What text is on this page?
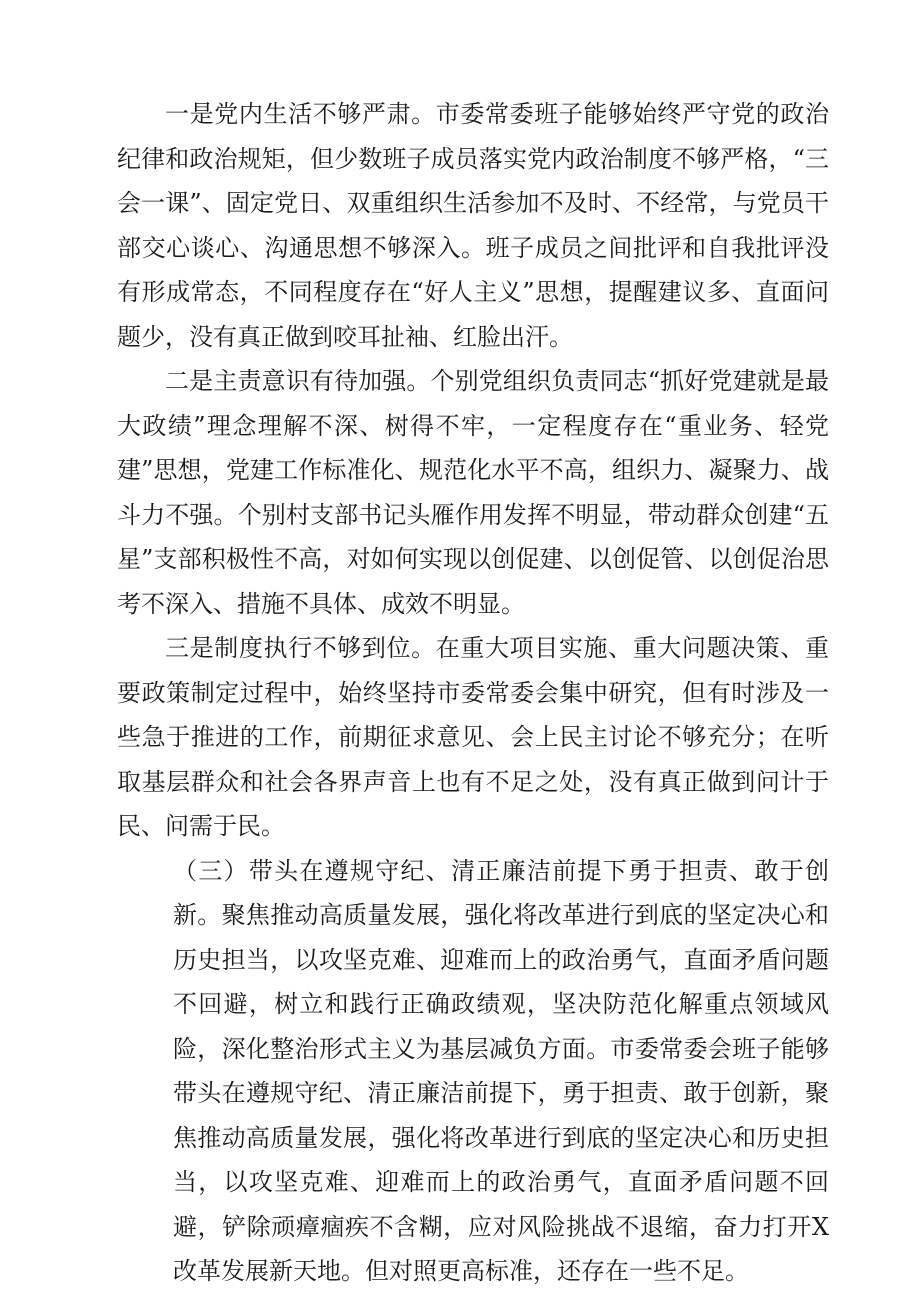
一是党内生活不够严肃。市委常委班子能够始终严守党的政治纪律和政治规矩，但少数班子成员落实党内政治制度不够严格，“三会一课”、固定党日、双重组织生活参加不及时、不经常，与党员干部交心谈心、沟通思想不够深入。班子成员之间批评和自我批评没有形成常态，不同程度存在“好人主义”思想，提醒建议多、直面问题少，没有真正做到咬耳扯袖、红脸出汗。

二是主责意识有待加强。个别党组织负责同志“抓好党建就是最大政绩”理念理解不深、树得不牢，一定程度存在“重业务、轻党建”思想，党建工作标准化、规范化水平不高，组织力、凝聚力、战斗力不强。个别村支部书记头雁作用发挥不明显，带动群众创建“五星”支部积极性不高，对如何实现以创促建、以创促管、以创促治思考不深入、措施不具体、成效不明显。

三是制度执行不够到位。在重大项目实施、重大问题决策、重要政策制定过程中，始终坚持市委常委会集中研究，但有时涉及一些急于推进的工作，前期征求意见、会上民主讨论不够充分；在听取基层群众和社会各界声音上也有不足之处，没有真正做到问计于民、问需于民。

（三）带头在遵规守纪、清正廉洁前提下勇于担责、敢于创新。聚焦推动高质量发展，强化将改革进行到底的坚定决心和历史担当，以攻坚克难、迎难而上的政治勇气，直面矛盾问题不回避，树立和践行正确政绩观，坚决防范化解重点领域风险，深化整治形式主义为基层减负方面。市委常委会班子能够带头在遵规守纪、清正廉洁前提下，勇于担责、敢于创新，聚焦推动高质量发展，强化将改革进行到底的坚定决心和历史担当，以攻坚克难、迎难而上的政治勇气，直面矛盾问题不回避，铲除顽瘴痼疾不含糊，应对风险挑战不退缩，奋力打开X改革发展新天地。但对照更高标准，还存在一些不足。
